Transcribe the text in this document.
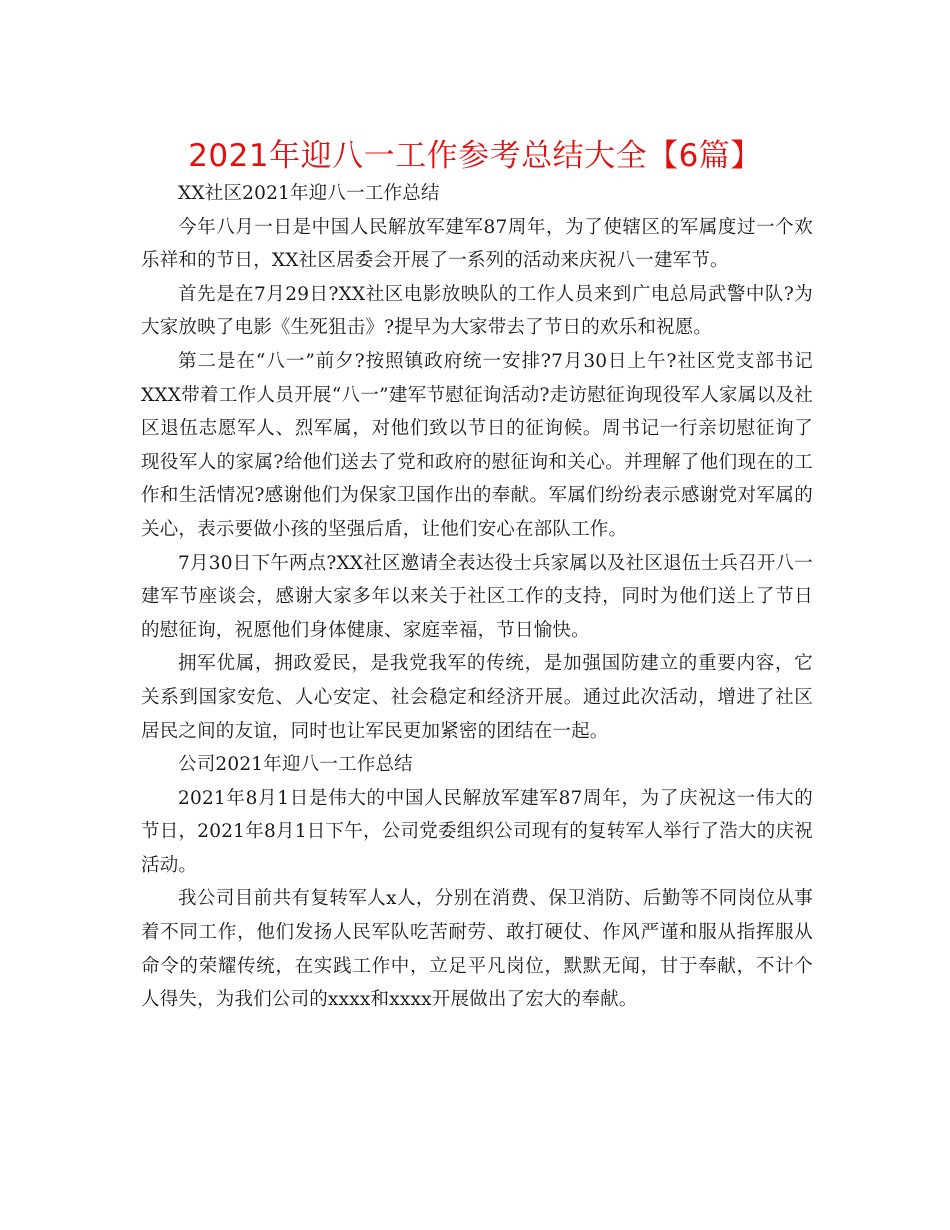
2021年迎八一工作参考总结大全【6篇】

XX社区2021年迎八一工作总结

今年八月一日是中国人民解放军建军87周年，为了使辖区的军属度过一个欢乐祥和的节日，XX社区居委会开展了一系列的活动来庆祝八一建军节。

首先是在7月29日?XX社区电影放映队的工作人员来到广电总局武警中队?为大家放映了电影《生死狙击》?提早为大家带去了节日的欢乐和祝愿。

第二是在“八一”前夕?按照镇政府统一安排?7月30日上午?社区党支部书记XXX带着工作人员开展“八一”建军节慰征询活动?走访慰征询现役军人家属以及社区退伍志愿军人、烈军属，对他们致以节日的征询候。周书记一行亲切慰征询了现役军人的家属?给他们送去了党和政府的慰征询和关心。并理解了他们现在的工作和生活情况?感谢他们为保家卫国作出的奉献。军属们纷纷表示感谢党对军属的关心，表示要做小孩的坚强后盾，让他们安心在部队工作。

7月30日下午两点?XX社区邀请全表达役士兵家属以及社区退伍士兵召开八一建军节座谈会，感谢大家多年以来关于社区工作的支持，同时为他们送上了节日的慰征询，祝愿他们身体健康、家庭幸福，节日愉快。

拥军优属，拥政爱民，是我党我军的传统，是加强国防建立的重要内容，它关系到国家安危、人心安定、社会稳定和经济开展。通过此次活动，增进了社区居民之间的友谊，同时也让军民更加紧密的团结在一起。

公司2021年迎八一工作总结

2021年8月1日是伟大的中国人民解放军建军87周年，为了庆祝这一伟大的节日，2021年8月1日下午，公司党委组织公司现有的复转军人举行了浩大的庆祝活动。

我公司目前共有复转军人x人，分别在消费、保卫消防、后勤等不同岗位从事着不同工作，他们发扬人民军队吃苦耐劳、敢打硬仗、作风严谨和服从指挥服从命令的荣耀传统，在实践工作中，立足平凡岗位，默默无闻，甘于奉献，不计个人得失，为我们公司的xxxx和xxxx开展做出了宏大的奉献。
